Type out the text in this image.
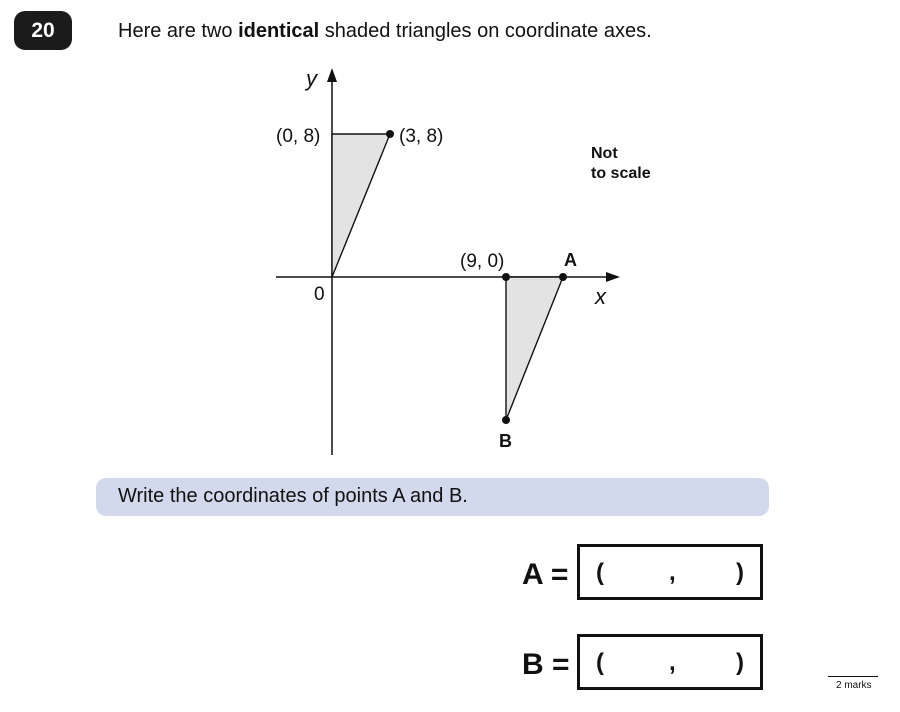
20	Here are two identical shaded triangles on coordinate axes.
y
x
0
(0, 8)	(3, 8)
(9, 0)	A
B
Not
to scale
Write the coordinates of points A and B.
A = (	,	)
B = (	,	)
2 marks
